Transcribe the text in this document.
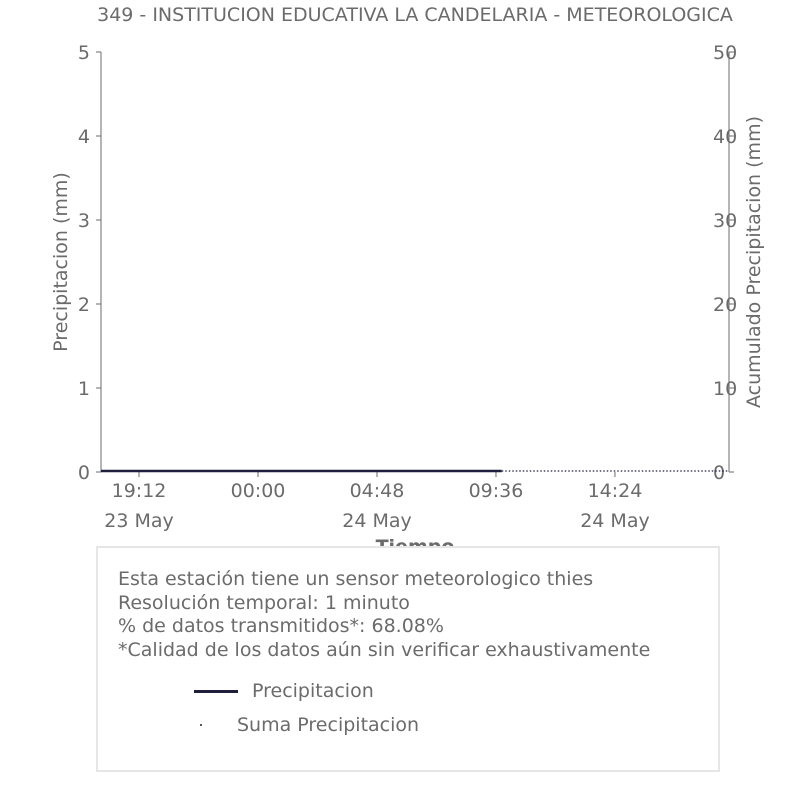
349 - INSTITUCION EDUCATIVA LA CANDELARIA - METEOROLOGICA
0
1
2
3
4
5
0
10
20
30
40
50
19:12
23 May
00:00	04:48
24 May
09:36	14:24
24 May
Precipitacion (mm)	Acumulado Precipitacion (mm)
Esta estación tiene un sensor meteorologico thies
Resolución temporal: 1 minuto
% de datos transmitidos*: 68.08%
*Calidad de los datos aún sin verificar exhaustivamente
Precipitacion
Suma Precipitacion
